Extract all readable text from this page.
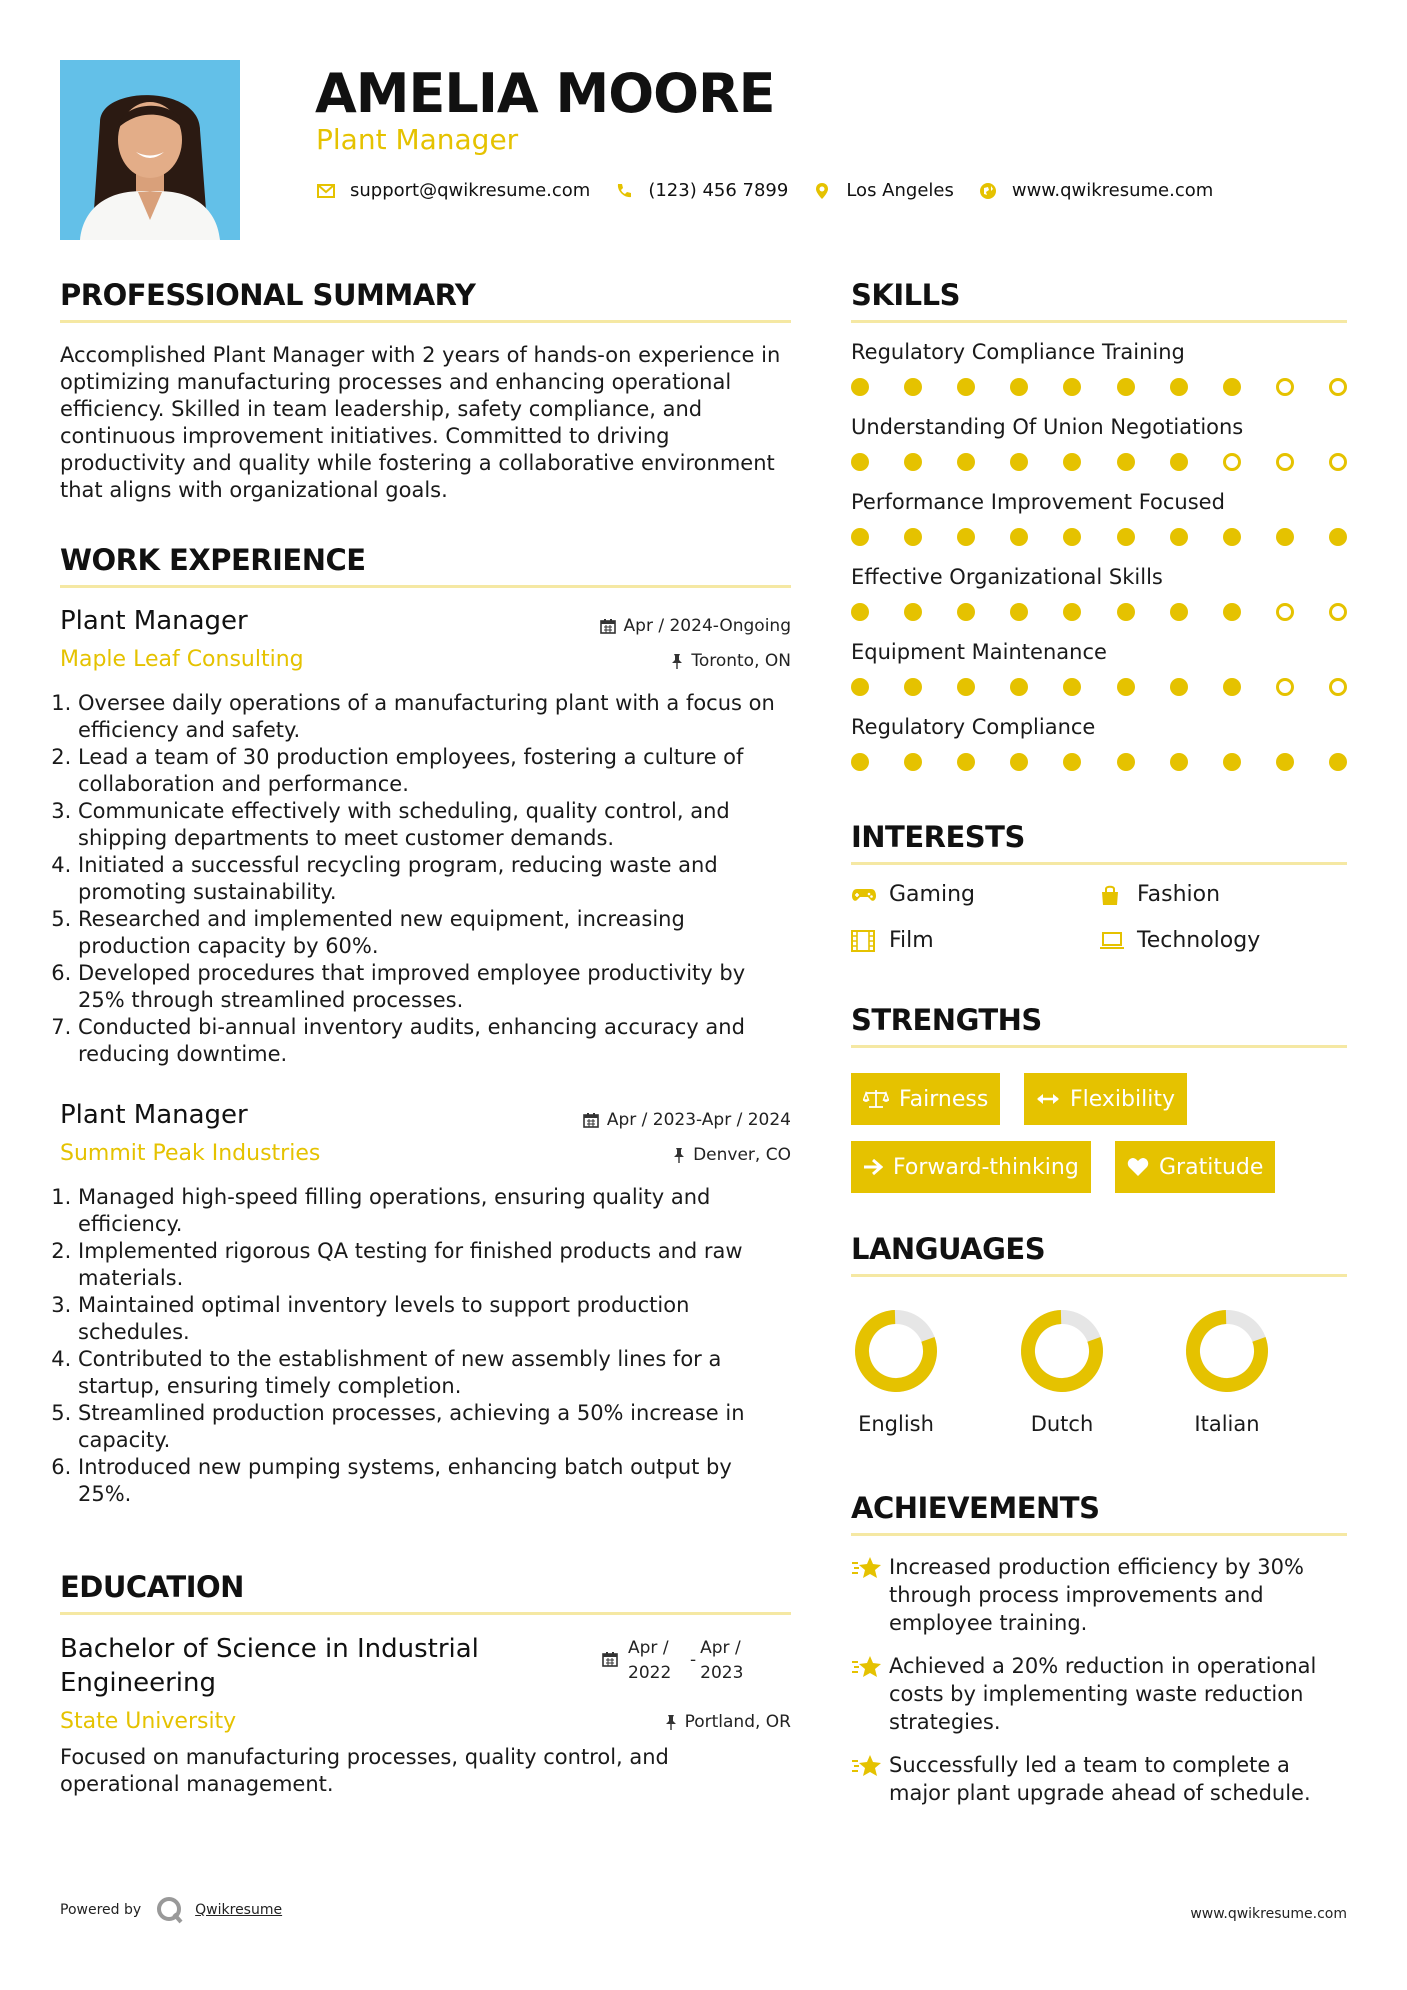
AMELIA MOORE
Plant Manager
support@qwikresume.com	(123) 456 7899	Los Angeles	www.qwikresume.com
PROFESSIONAL SUMMARY
Accomplished Plant Manager with 2 years of hands-on experience in optimizing manufacturing processes and enhancing operational efficiency. Skilled in team leadership, safety compliance, and continuous improvement initiatives. Committed to driving productivity and quality while fostering a collaborative environment that aligns with organizational goals.
WORK EXPERIENCE
Plant Manager	Apr / 2024-Ongoing
Maple Leaf Consulting	Toronto, ON
1. Oversee daily operations of a manufacturing plant with a focus on efficiency and safety.
2. Lead a team of 30 production employees, fostering a culture of collaboration and performance.
3. Communicate effectively with scheduling, quality control, and shipping departments to meet customer demands.
4. Initiated a successful recycling program, reducing waste and promoting sustainability.
5. Researched and implemented new equipment, increasing production capacity by 60%.
6. Developed procedures that improved employee productivity by 25% through streamlined processes.
7. Conducted bi-annual inventory audits, enhancing accuracy and reducing downtime.
Plant Manager	Apr / 2023-Apr / 2024
Summit Peak Industries	Denver, CO
1. Managed high-speed filling operations, ensuring quality and efficiency.
2. Implemented rigorous QA testing for finished products and raw materials.
3. Maintained optimal inventory levels to support production schedules.
4. Contributed to the establishment of new assembly lines for a startup, ensuring timely completion.
5. Streamlined production processes, achieving a 50% increase in capacity.
6. Introduced new pumping systems, enhancing batch output by 25%.
EDUCATION
Bachelor of Science in Industrial Engineering
Apr / 2022
-
Apr / 2023
State University	Portland, OR
Focused on manufacturing processes, quality control, and operational management.
SKILLS
Regulatory Compliance Training
Understanding Of Union Negotiations
Performance Improvement Focused
Effective Organizational Skills
Equipment Maintenance
Regulatory Compliance
INTERESTS
Gaming	Fashion
Film	Technology
STRENGTHS
Fairness	Flexibility
Forward-thinking	Gratitude
LANGUAGES
English	Dutch	Italian
ACHIEVEMENTS
Increased production efficiency by 30% through process improvements and employee training.
Achieved a 20% reduction in operational costs by implementing waste reduction strategies.
Successfully led a team to complete a major plant upgrade ahead of schedule.
Powered by	Qwikresume	www.qwikresume.com
